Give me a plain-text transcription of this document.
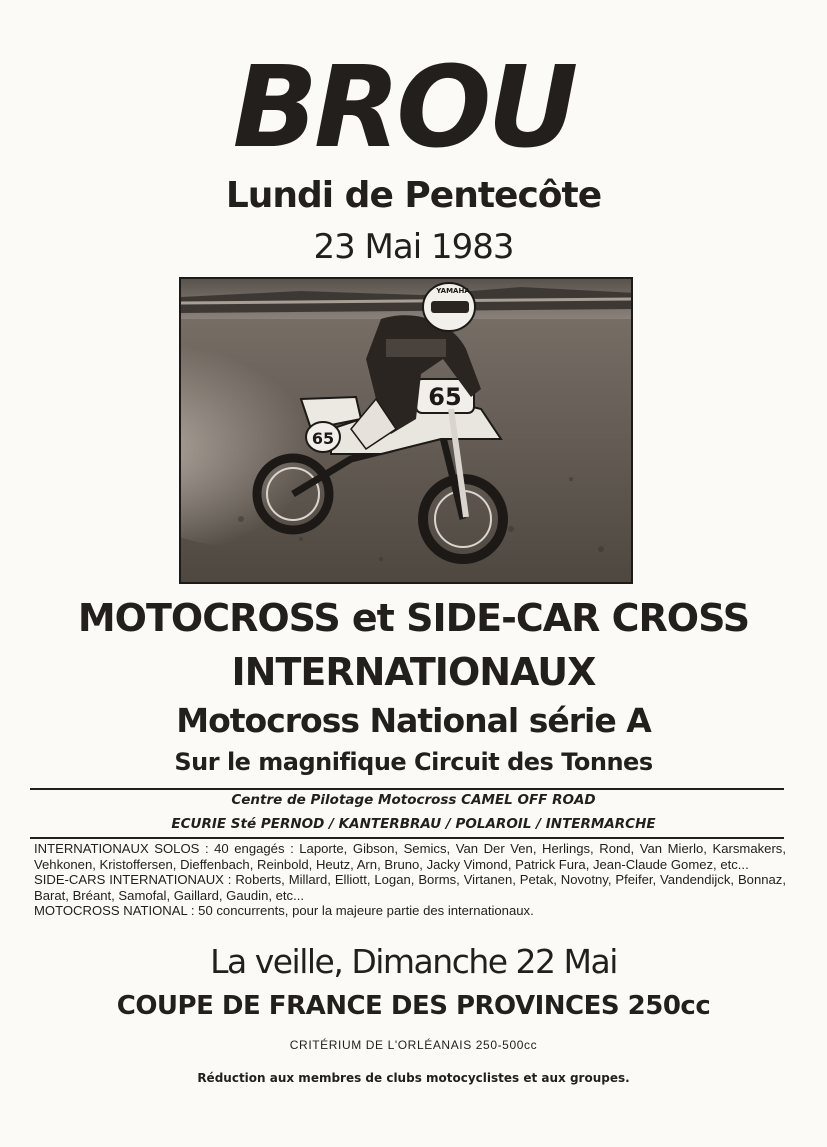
BROU
Lundi de Pentecôte
23 Mai 1983
65
65
YAMAHA
MOTOCROSS et SIDE-CAR CROSS
INTERNATIONAUX
Motocross National série A
Sur le magnifique Circuit des Tonnes
Centre de Pilotage Motocross CAMEL OFF ROAD
ECURIE Sté PERNOD / KANTERBRAU / POLAROIL / INTERMARCHE

INTERNATIONAUX SOLOS : 40 engagés : Laporte, Gibson, Semics, Van Der Ven, Herlings, Rond, Van Mierlo, Karsmakers, Vehkonen, Kristoffersen, Dieffenbach, Reinbold, Heutz, Arn, Bruno, Jacky Vimond, Patrick Fura, Jean-Claude Gomez, etc...

SIDE-CARS INTERNATIONAUX : Roberts, Millard, Elliott, Logan, Borms, Virtanen, Petak, Novotny, Pfeifer, Vandendijck, Bonnaz, Barat, Bréant, Samofal, Gaillard, Gaudin, etc...

MOTOCROSS NATIONAL : 50 concurrents, pour la majeure partie des internationaux.

La veille, Dimanche 22 Mai
COUPE DE FRANCE DES PROVINCES 250cc
CRITÉRIUM DE L'ORLÉANAIS 250-500cc
Réduction aux membres de clubs motocyclistes et aux groupes.
